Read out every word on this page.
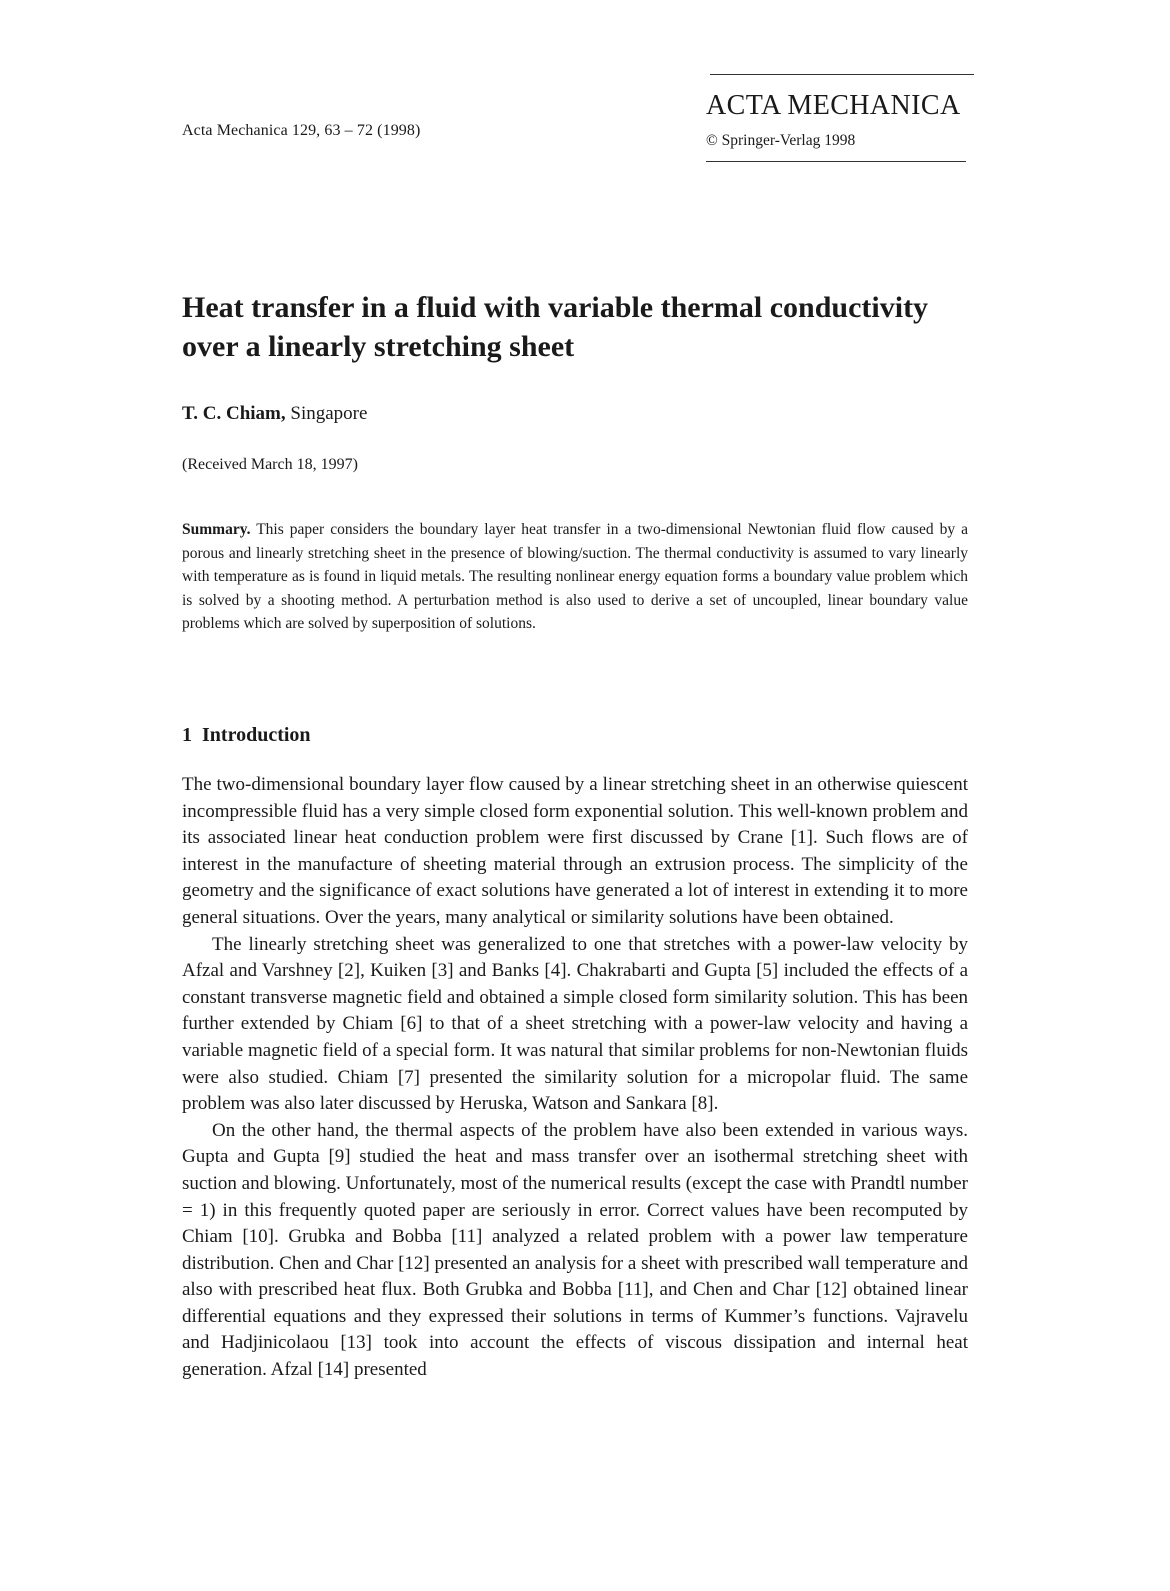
Acta Mechanica 129, 63 – 72 (1998)
ACTA MECHANICA
© Springer-Verlag 1998
Heat transfer in a fluid with variable thermal conductivity over a linearly stretching sheet
T. C. Chiam, Singapore
(Received March 18, 1997)

Summary. This paper considers the boundary layer heat transfer in a two-dimensional Newtonian fluid flow caused by a porous and linearly stretching sheet in the presence of blowing/suction. The thermal conductivity is assumed to vary linearly with temperature as is found in liquid metals. The resulting nonlinear energy equation forms a boundary value problem which is solved by a shooting method. A perturbation method is also used to derive a set of uncoupled, linear boundary value problems which are solved by superposition of solutions.

1 Introduction

The two-dimensional boundary layer flow caused by a linear stretching sheet in an otherwise quiescent incompressible fluid has a very simple closed form exponential solution. This well-known problem and its associated linear heat conduction problem were first discussed by Crane [1]. Such flows are of interest in the manufacture of sheeting material through an extrusion process. The simplicity of the geometry and the significance of exact solutions have generated a lot of interest in extending it to more general situations. Over the years, many analytical or similarity solutions have been obtained.

The linearly stretching sheet was generalized to one that stretches with a power-law velocity by Afzal and Varshney [2], Kuiken [3] and Banks [4]. Chakrabarti and Gupta [5] included the effects of a constant transverse magnetic field and obtained a simple closed form similarity solution. This has been further extended by Chiam [6] to that of a sheet stretching with a power-law velocity and having a variable magnetic field of a special form. It was natural that similar problems for non-Newtonian fluids were also studied. Chiam [7] presented the similarity solution for a micropolar fluid. The same problem was also later discussed by Heruska, Watson and Sankara [8].

On the other hand, the thermal aspects of the problem have also been extended in various ways. Gupta and Gupta [9] studied the heat and mass transfer over an isothermal stretching sheet with suction and blowing. Unfortunately, most of the numerical results (except the case with Prandtl number = 1) in this frequently quoted paper are seriously in error. Correct values have been recomputed by Chiam [10]. Grubka and Bobba [11] analyzed a related problem with a power law temperature distribution. Chen and Char [12] presented an analysis for a sheet with prescribed wall temperature and also with prescribed heat flux. Both Grubka and Bobba [11], and Chen and Char [12] obtained linear differential equations and they expressed their solutions in terms of Kummer’s functions. Vajravelu and Hadjinicolaou [13] took into account the effects of viscous dissipation and internal heat generation. Afzal [14] presented
